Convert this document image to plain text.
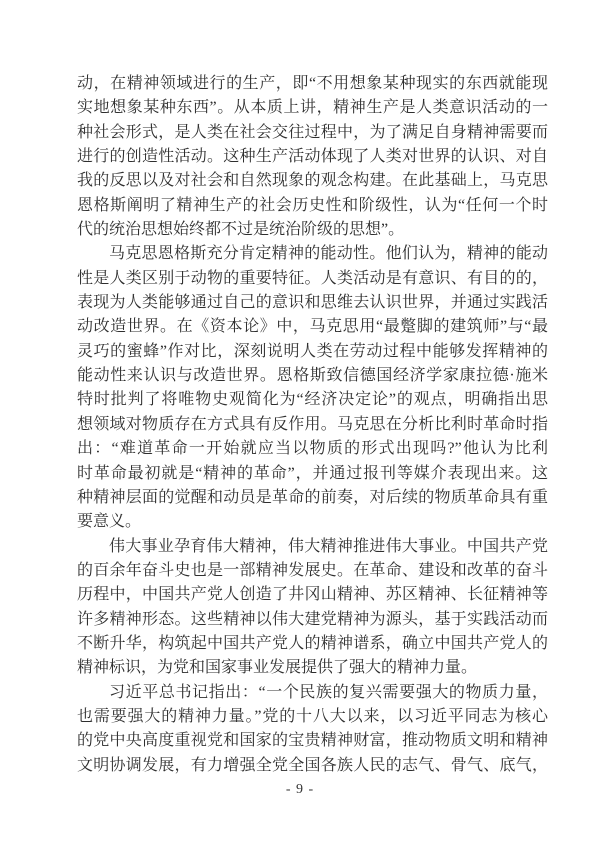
动，在精神领域进行的生产，即“不用想象某种现实的东西就能现
实地想象某种东西”。从本质上讲，精神生产是人类意识活动的一
种社会形式，是人类在社会交往过程中，为了满足自身精神需要而
进行的创造性活动。这种生产活动体现了人类对世界的认识、对自
我的反思以及对社会和自然现象的观念构建。在此基础上，马克思
恩格斯阐明了精神生产的社会历史性和阶级性，认为“任何一个时
代的统治思想始终都不过是统治阶级的思想”。
马克思恩格斯充分肯定精神的能动性。他们认为，精神的能动
性是人类区别于动物的重要特征。人类活动是有意识、有目的的，
表现为人类能够通过自己的意识和思维去认识世界，并通过实践活
动改造世界。在《资本论》中，马克思用“最蹩脚的建筑师”与“最
灵巧的蜜蜂”作对比，深刻说明人类在劳动过程中能够发挥精神的
能动性来认识与改造世界。恩格斯致信德国经济学家康拉德·施米
特时批判了将唯物史观简化为“经济决定论”的观点，明确指出思
想领域对物质存在方式具有反作用。马克思在分析比利时革命时指
出：“难道革命一开始就应当以物质的形式出现吗?”他认为比利
时革命最初就是“精神的革命”，并通过报刊等媒介表现出来。这
种精神层面的觉醒和动员是革命的前奏，对后续的物质革命具有重
要意义。
伟大事业孕育伟大精神，伟大精神推进伟大事业。中国共产党
的百余年奋斗史也是一部精神发展史。在革命、建设和改革的奋斗
历程中，中国共产党人创造了井冈山精神、苏区精神、长征精神等
许多精神形态。这些精神以伟大建党精神为源头，基于实践活动而
不断升华，构筑起中国共产党人的精神谱系，确立中国共产党人的
精神标识，为党和国家事业发展提供了强大的精神力量。
习近平总书记指出：“一个民族的复兴需要强大的物质力量，
也需要强大的精神力量。”党的十八大以来，以习近平同志为核心
的党中央高度重视党和国家的宝贵精神财富，推动物质文明和精神
文明协调发展，有力增强全党全国各族人民的志气、骨气、底气，
- 9 -
